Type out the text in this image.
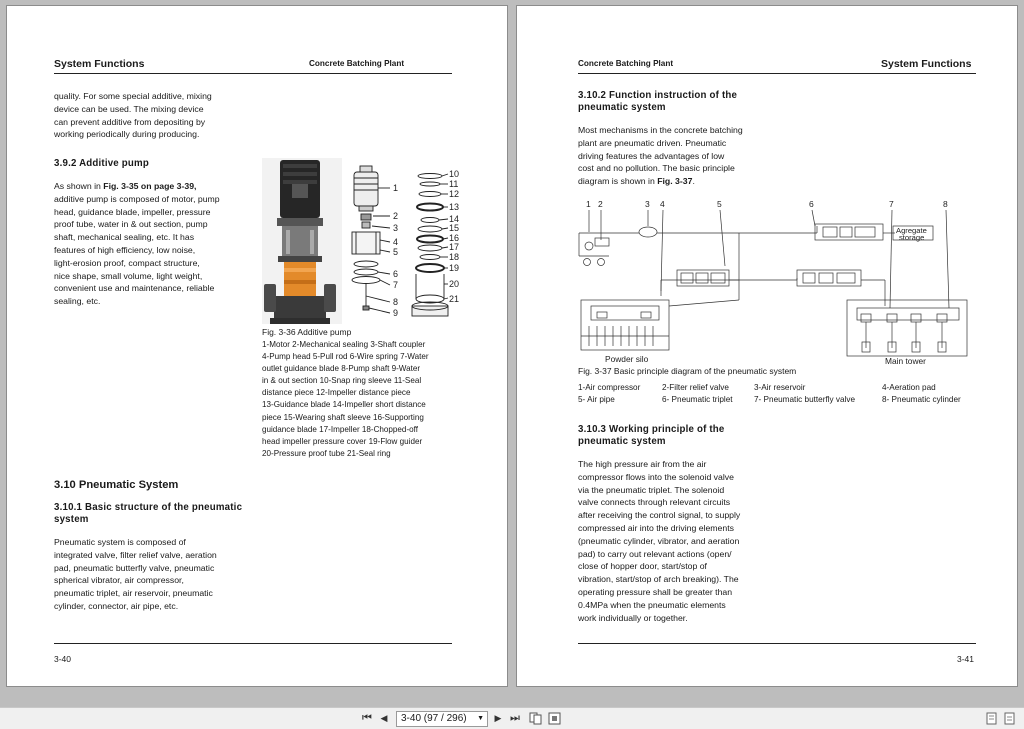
System Functions	Concrete Batching Plant
quality. For some special additive, mixing
device can be used. The mixing device
can prevent additive from depositing by
working periodically during producing.
3.9.2 Additive pump
As shown in Fig. 3-35 on page 3-39,
additive pump is composed of motor, pump
head, guidance blade, impeller, pressure
proof tube, water in & out section, pump
shaft, mechanical sealing, etc. It has
features of high efficiency, low noise,
light-erosion proof, compact structure,
nice shape, small volume, light weight,
convenient use and maintenance, reliable
sealing, etc.
1
2
3
4
5
6
7
8
9
10
11
12
13
14
15
16
17
18
19
20
21
Fig. 3-36 Additive pump
1-Motor 2-Mechanical sealing 3-Shaft coupler
4-Pump head 5-Pull rod 6-Wire spring 7-Water
outlet guidance blade 8-Pump shaft 9-Water
in & out section 10-Snap ring sleeve 11-Seal
distance piece 12-Impeller distance piece
13-Guidance blade 14-Impeller short distance
piece 15-Wearing shaft sleeve 16-Supporting
guidance blade 17-Impeller 18-Chopped-off
head impeller pressure cover 19-Flow guider
20-Pressure proof tube 21-Seal ring
3.10 Pneumatic System
3.10.1 Basic structure of the pneumatic system
Pneumatic system is composed of
integrated valve, filter relief valve, aeration
pad, pneumatic butterfly valve, pneumatic
spherical vibrator, air compressor,
pneumatic triplet, air reservoir, pneumatic
cylinder, connector, air pipe, etc.
3-40
Concrete Batching Plant	System Functions
3.10.2 Function instruction of the
pneumatic system
Most mechanisms in the concrete batching
plant are pneumatic driven. Pneumatic
driving features the advantages of low
cost and no pollution. The basic principle
diagram is shown in Fig. 3-37.
1 2	3 4	5	6	7	8
Agregate
storage
Powder silo	Main tower
Fig. 3-37 Basic principle diagram of the pneumatic system
1-Air compressor	2-Filter relief valve	3-Air reservoir	4-Aeration pad
5- Air pipe	6- Pneumatic triplet	7- Pneumatic butterfly valve	8- Pneumatic cylinder
3.10.3 Working principle of the
pneumatic system
The high pressure air from the air
compressor flows into the solenoid valve
via the pneumatic triplet. The solenoid
valve connects through relevant circuits
after receiving the control signal, to supply
compressed air into the driving elements
(pneumatic cylinder, vibrator, and aeration
pad) to carry out relevant actions (open/
close of hopper door, start/stop of
vibration, start/stop of arch breaking). The
operating pressure shall be greater than
0.4MPa when the pneumatic elements
work individually or together.
3-41
⏮ ◀ 3-40 (97 / 296) ▼ ▶ ⏭
